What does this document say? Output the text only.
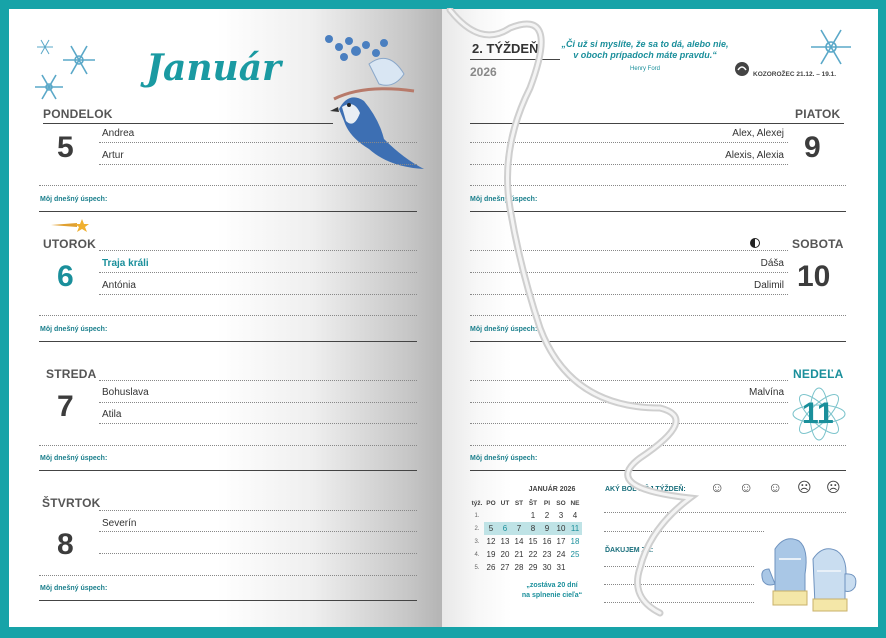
Január
PONDELOK
5	Andrea
Artur
Môj dnešný úspech:
UTOROK
6	Traja králi
Antónia
Môj dnešný úspech:
STREDA
7	Bohuslava
Atila
Môj dnešný úspech:
ŠTVRTOK
8
Severín
Môj dnešný úspech:
2. TÝŽDEŇ
2026
„Či už si myslíte, že sa to dá, alebo nie, v oboch prípadoch máte pravdu.“
Henry Ford
KOZOROŽEC 21.12. – 19.1.
PIATOK
9
Alex, Alexej
Alexis, Alexia
Môj dnešný úspech:
SOBOTA
10
Dáša
Dalimil
Môj dnešný úspech:
NEDEĽA
11
Malvína
Môj dnešný úspech:
JANUÁR 2026
týž.	PO	UT	ST	ŠT	PI	SO	NE
1.				1	2	3	4
2.	5	6	7	8	9	10	11
3.	12	13	14	15	16	17	18
4.	19	20	21	22	23	24	25
5.	26	27	28	29	30	31	
„zostáva 20 dní
na splnenie cieľa“
AKÝ BOL MÔJ TÝŽDEŇ: ☺ ☺ ☺ ☹ ☹
ĎAKUJEM ZA:
